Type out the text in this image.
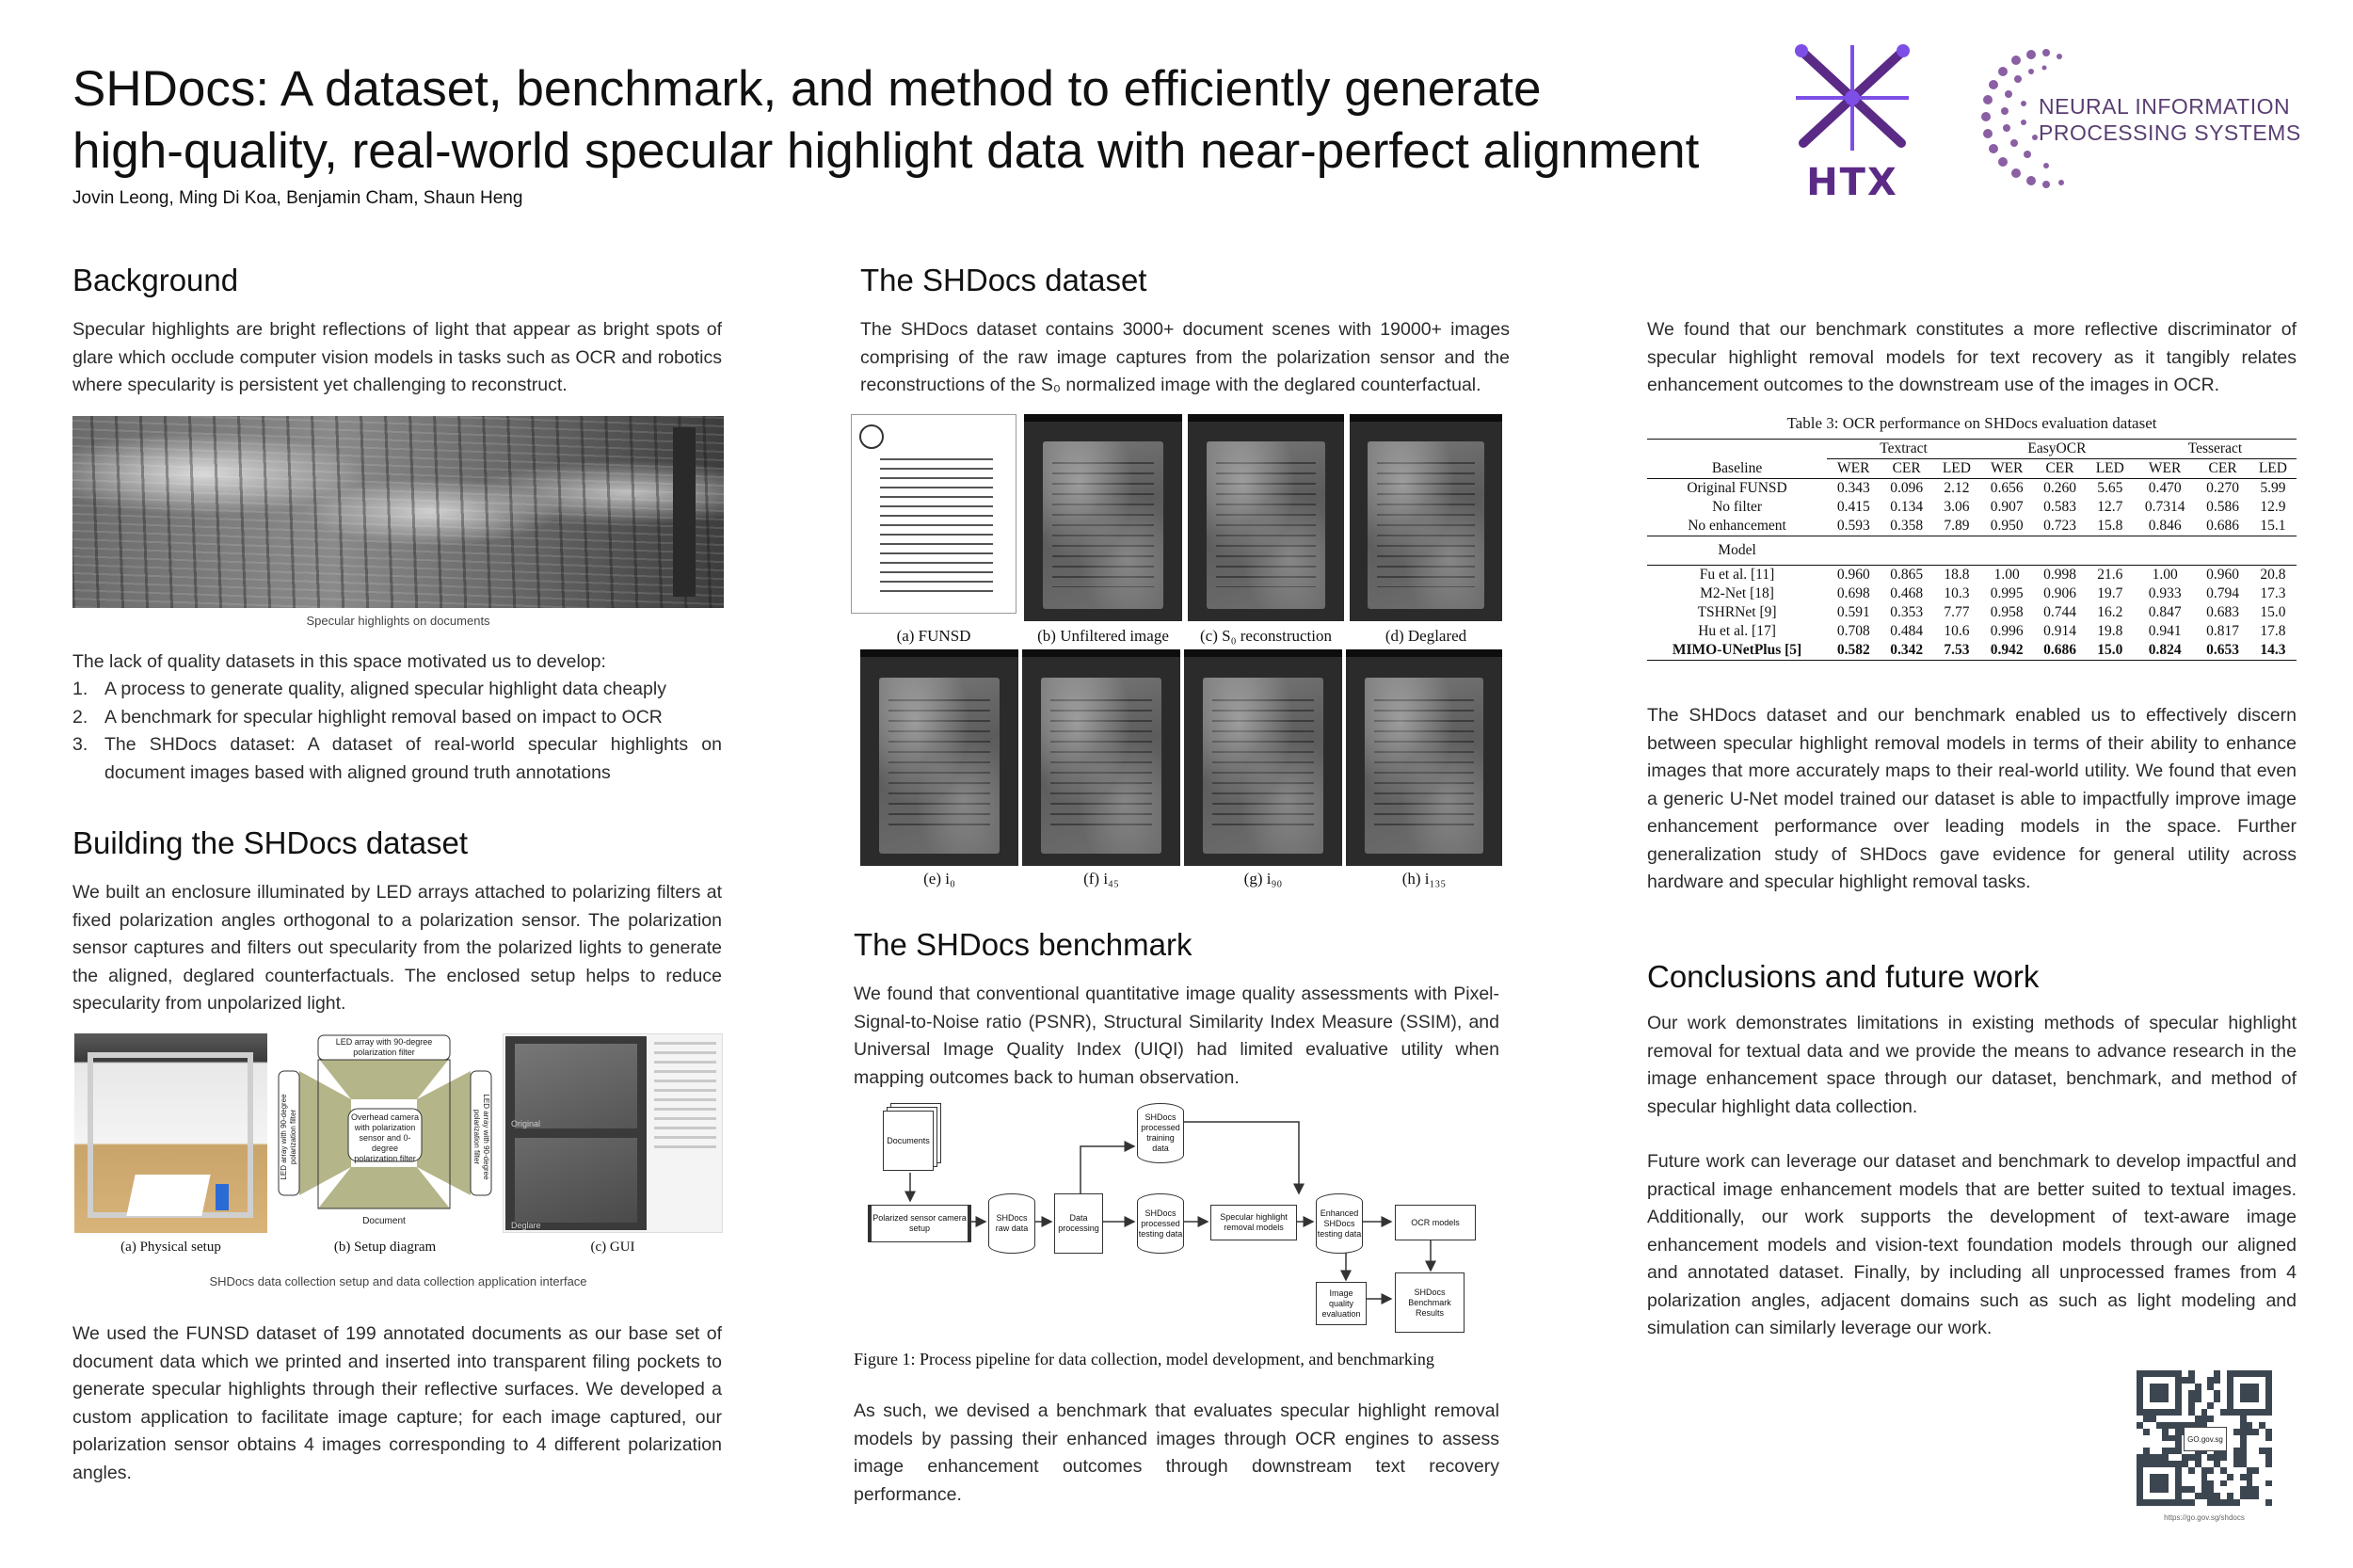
SHDocs: A dataset, benchmark, and method to efficiently generate
high-quality, real-world specular highlight data with near-perfect alignment
Jovin Leong, Ming Di Koa, Benjamin Cham, Shaun Heng	HTX
NEURAL INFORMATION
PROCESSING SYSTEMS
Background
Specular highlights are bright reflections of light that appear as bright spots of glare which occlude computer vision models in tasks such as OCR and robotics where specularity is persistent yet challenging to reconstruct.
Specular highlights on documents
The lack of quality datasets in this space motivated us to develop:
1. A process to generate quality, aligned specular highlight data cheaply
2. A benchmark for specular highlight removal based on impact to OCR
3. The SHDocs dataset: A dataset of real-world specular highlights on document images based with aligned ground truth annotations
Building the SHDocs dataset
We built an enclosure illuminated by LED arrays attached to polarizing filters at fixed polarization angles orthogonal to a polarization sensor. The polarization sensor captures and filters out specularity from the polarized lights to generate the aligned, deglared counterfactuals. The enclosed setup helps to reduce specularity from unpolarized light.
LED array with 90-degree polarization filter
LED array with 90-degree polarization filter	LED array with 90-degree polarization filter
Overhead camera with polarization sensor and 0-degree polarization filter
Document
Original
Deglare
(a) Physical setup	(b) Setup diagram	(c) GUI
SHDocs data collection setup and data collection application interface
We used the FUNSD dataset of 199 annotated documents as our base set of document data which we printed and inserted into transparent filing pockets to generate specular highlights through their reflective surfaces. We developed a custom application to facilitate image capture; for each image captured, our polarization sensor obtains 4 images corresponding to 4 different polarization angles.
The SHDocs dataset
The SHDocs dataset contains 3000+ document scenes with 19000+ images comprising of the raw image captures from the polarization sensor and the reconstructions of the S₀ normalized image with the deglared counterfactual.
(a) FUNSD	(b) Unfiltered image	(c) S₀ reconstruction	(d) Deglared
(e) i₀	(f) i₄₅	(g) i₉₀	(h) i₁₃₅
The SHDocs benchmark
We found that conventional quantitative image quality assessments with Pixel-Signal-to-Noise ratio (PSNR), Structural Similarity Index Measure (SSIM), and Universal Image Quality Index (UIQI) had limited evaluative utility when mapping outcomes back to human observation.
Documents
Polarized sensor camera setup
SHDocs raw data
Data processing
SHDocs processed training data
SHDocs processed testing data
Specular highlight removal models
Enhanced SHDocs testing data
OCR models
Image quality evaluation
SHDocs Benchmark Results
Figure 1: Process pipeline for data collection, model development, and benchmarking
As such, we devised a benchmark that evaluates specular highlight removal models by passing their enhanced images through OCR engines to assess image enhancement outcomes through downstream text recovery performance.
We found that our benchmark constitutes a more reflective discriminator of specular highlight removal models for text recovery as it tangibly relates enhancement outcomes to the downstream use of the images in OCR.
Table 3: OCR performance on SHDocs evaluation dataset
	Textract			EasyOCR			Tesseract		
Baseline	WER	CER	LED	WER	CER	LED	WER	CER	LED
Original FUNSD	0.343	0.096	2.12	0.656	0.260	5.65	0.470	0.270	5.99
No filter	0.415	0.134	3.06	0.907	0.583	12.7	0.7314	0.586	12.9
No enhancement	0.593	0.358	7.89	0.950	0.723	15.8	0.846	0.686	15.1
Model									
Fu et al. [11]	0.960	0.865	18.8	1.00	0.998	21.6	1.00	0.960	20.8
M2-Net [18]	0.698	0.468	10.3	0.995	0.906	19.7	0.933	0.794	17.3
TSHRNet [9]	0.591	0.353	7.77	0.958	0.744	16.2	0.847	0.683	15.0
Hu et al. [17]	0.708	0.484	10.6	0.996	0.914	19.8	0.941	0.817	17.8
MIMO-UNetPlus [5]	0.582	0.342	7.53	0.942	0.686	15.0	0.824	0.653	14.3
The SHDocs dataset and our benchmark enabled us to effectively discern between specular highlight removal models in terms of their ability to enhance images that more accurately maps to their real-world utility. We found that even a generic U-Net model trained our dataset is able to impactfully improve image enhancement performance over leading models in the space. Further generalization study of SHDocs gave evidence for general utility across hardware and specular highlight removal tasks.
Conclusions and future work
Our work demonstrates limitations in existing methods of specular highlight removal for textual data and we provide the means to advance research in the image enhancement space through our dataset, benchmark, and method of specular highlight data collection.
Future work can leverage our dataset and benchmark to develop impactful and practical image enhancement models that are better suited to textual images. Additionally, our work supports the development of text-aware image enhancement models and vision-text foundation models through our aligned and annotated dataset. Finally, by including all unprocessed frames from 4 polarization angles, adjacent domains such as such as light modeling and simulation can similarly leverage our work.
GO.gov.sg
https://go.gov.sg/shdocs
